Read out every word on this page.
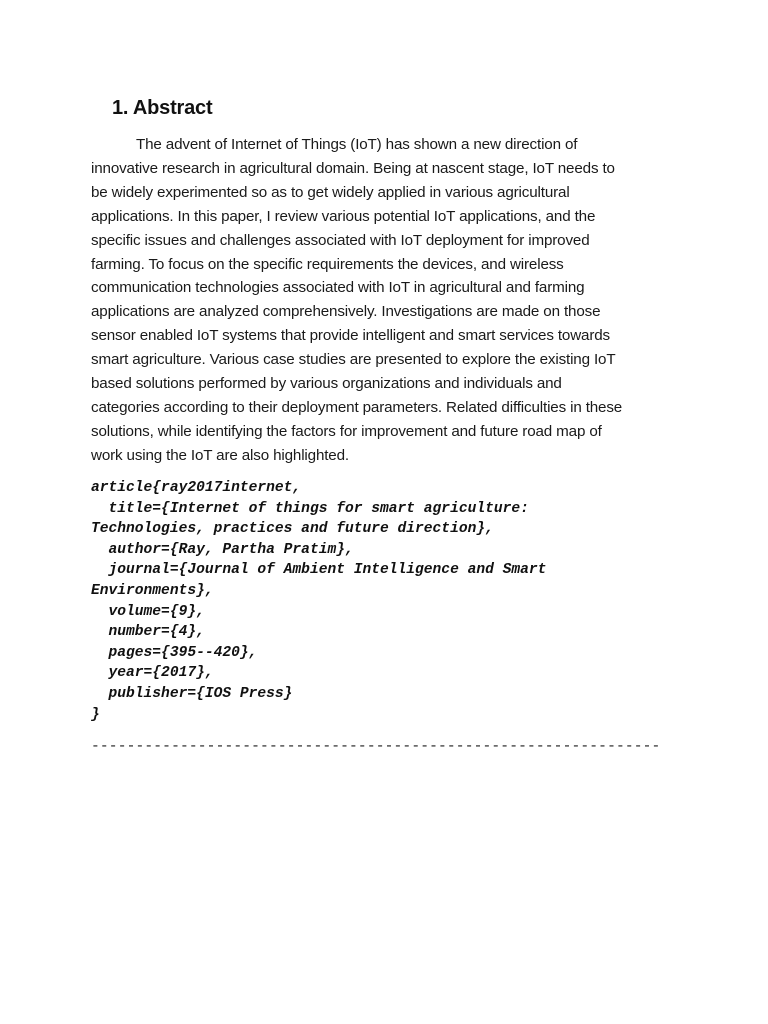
1. Abstract
The advent of Internet of Things (IoT) has shown a new direction of
innovative research in agricultural domain. Being at nascent stage, IoT needs to
be widely experimented so as to get widely applied in various agricultural
applications. In this paper, I review various potential IoT applications, and the
specific issues and challenges associated with IoT deployment for improved
farming. To focus on the specific requirements the devices, and wireless
communication technologies associated with IoT in agricultural and farming
applications are analyzed comprehensively. Investigations are made on those
sensor enabled IoT systems that provide intelligent and smart services towards
smart agriculture. Various case studies are presented to explore the existing IoT
based solutions performed by various organizations and individuals and
categories according to their deployment parameters. Related difficulties in these
solutions, while identifying the factors for improvement and future road map of
work using the IoT are also highlighted.
article{ray2017internet,
title={Internet of things for smart agriculture:
Technologies, practices and future direction},
author={Ray, Partha Pratim},
journal={Journal of Ambient Intelligence and Smart
Environments},
volume={9},
number={4},
pages={395--420},
year={2017},
publisher={IOS Press}
}
----------------------------------------------------------------
